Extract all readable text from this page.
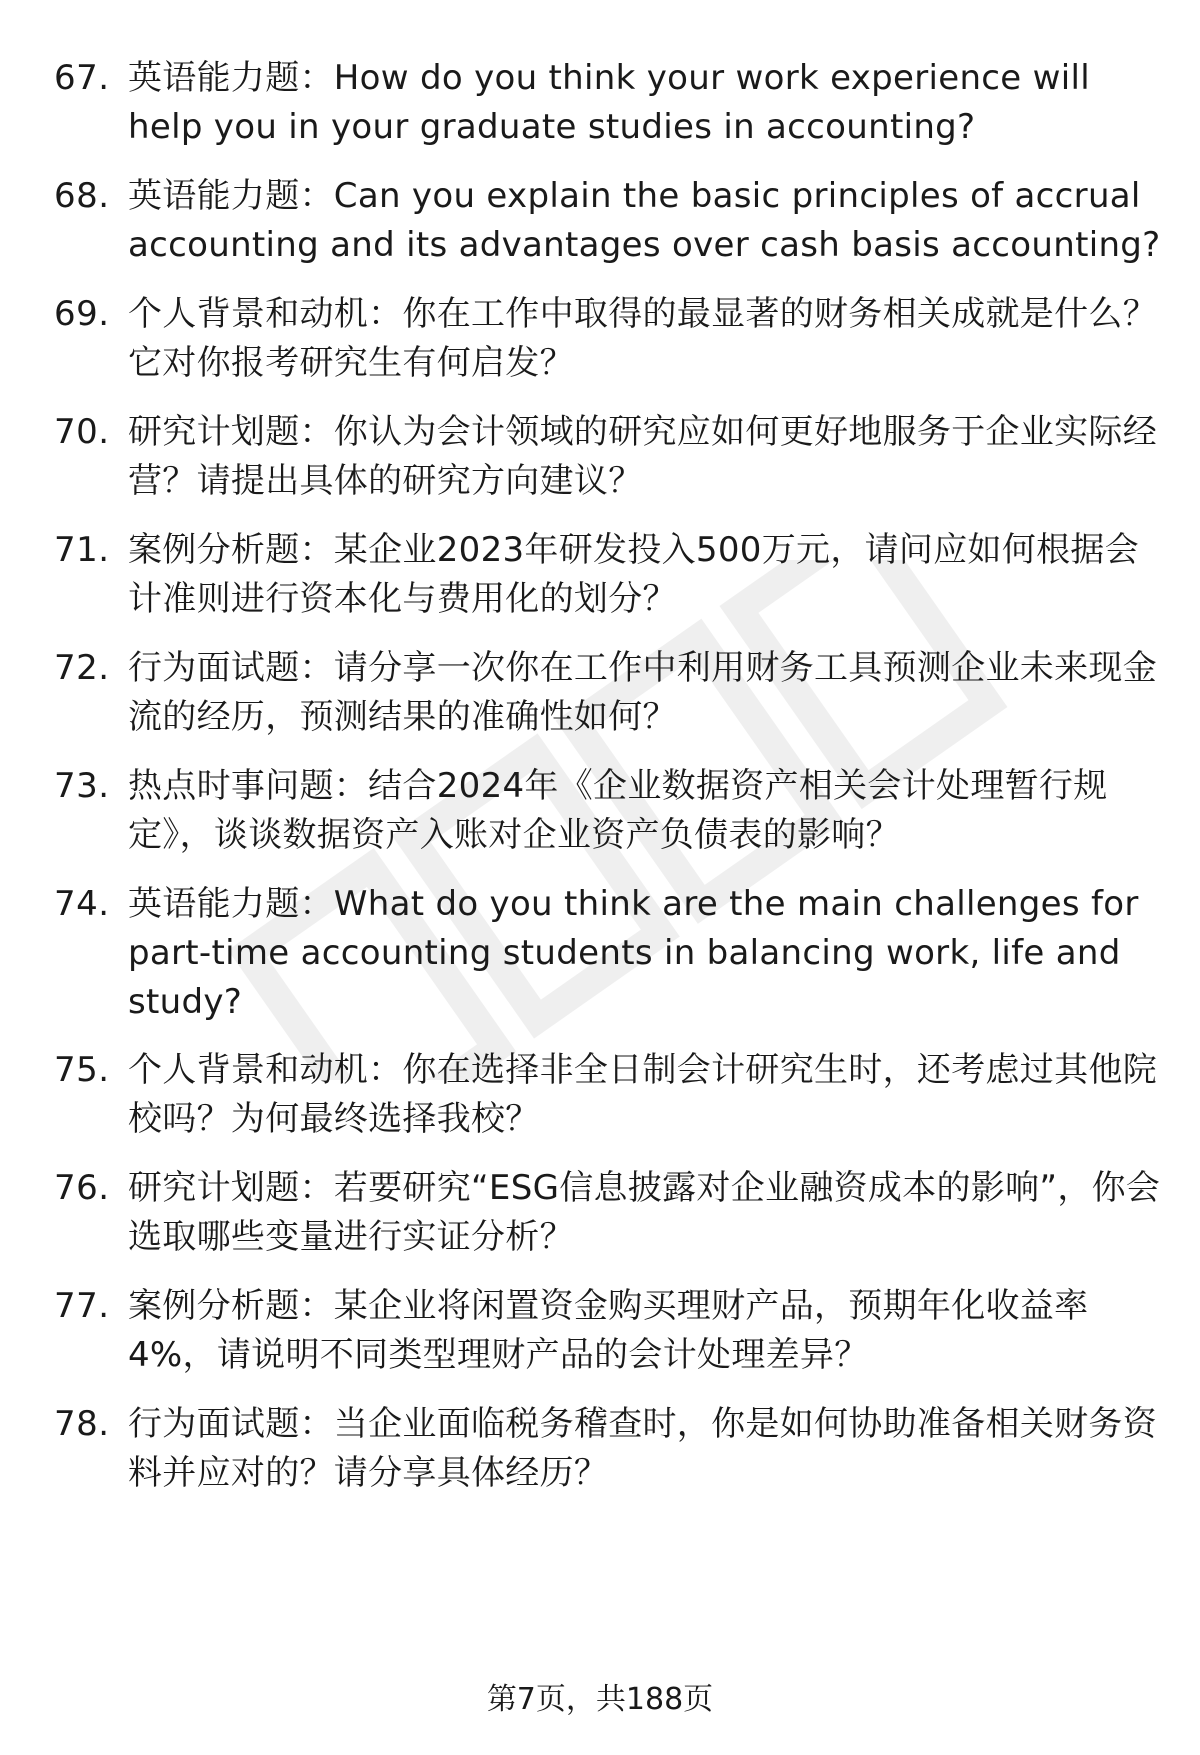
67. 英语能力题：How do you think your work experience will help you in your graduate studies in accounting?
68. 英语能力题：Can you explain the basic principles of accrual accounting and its advantages over cash basis accounting?
69. 个人背景和动机：你在工作中取得的最显著的财务相关成就是什么？它对你报考研究生有何启发？
70. 研究计划题：你认为会计领域的研究应如何更好地服务于企业实际经营？请提出具体的研究方向建议？
71. 案例分析题：某企业2023年研发投入500万元，请问应如何根据会计准则进行资本化与费用化的划分？
72. 行为面试题：请分享一次你在工作中利用财务工具预测企业未来现金流的经历，预测结果的准确性如何？
73. 热点时事问题：结合2024年《企业数据资产相关会计处理暂行规定》，谈谈数据资产入账对企业资产负债表的影响？
74. 英语能力题：What do you think are the main challenges for part-time accounting students in balancing work, life and study?
75. 个人背景和动机：你在选择非全日制会计研究生时，还考虑过其他院校吗？为何最终选择我校？
76. 研究计划题：若要研究“ESG信息披露对企业融资成本的影响”，你会选取哪些变量进行实证分析？
77. 案例分析题：某企业将闲置资金购买理财产品，预期年化收益率4%，请说明不同类型理财产品的会计处理差异？
78. 行为面试题：当企业面临税务稽查时，你是如何协助准备相关财务资料并应对的？请分享具体经历？
第7页，共188页
